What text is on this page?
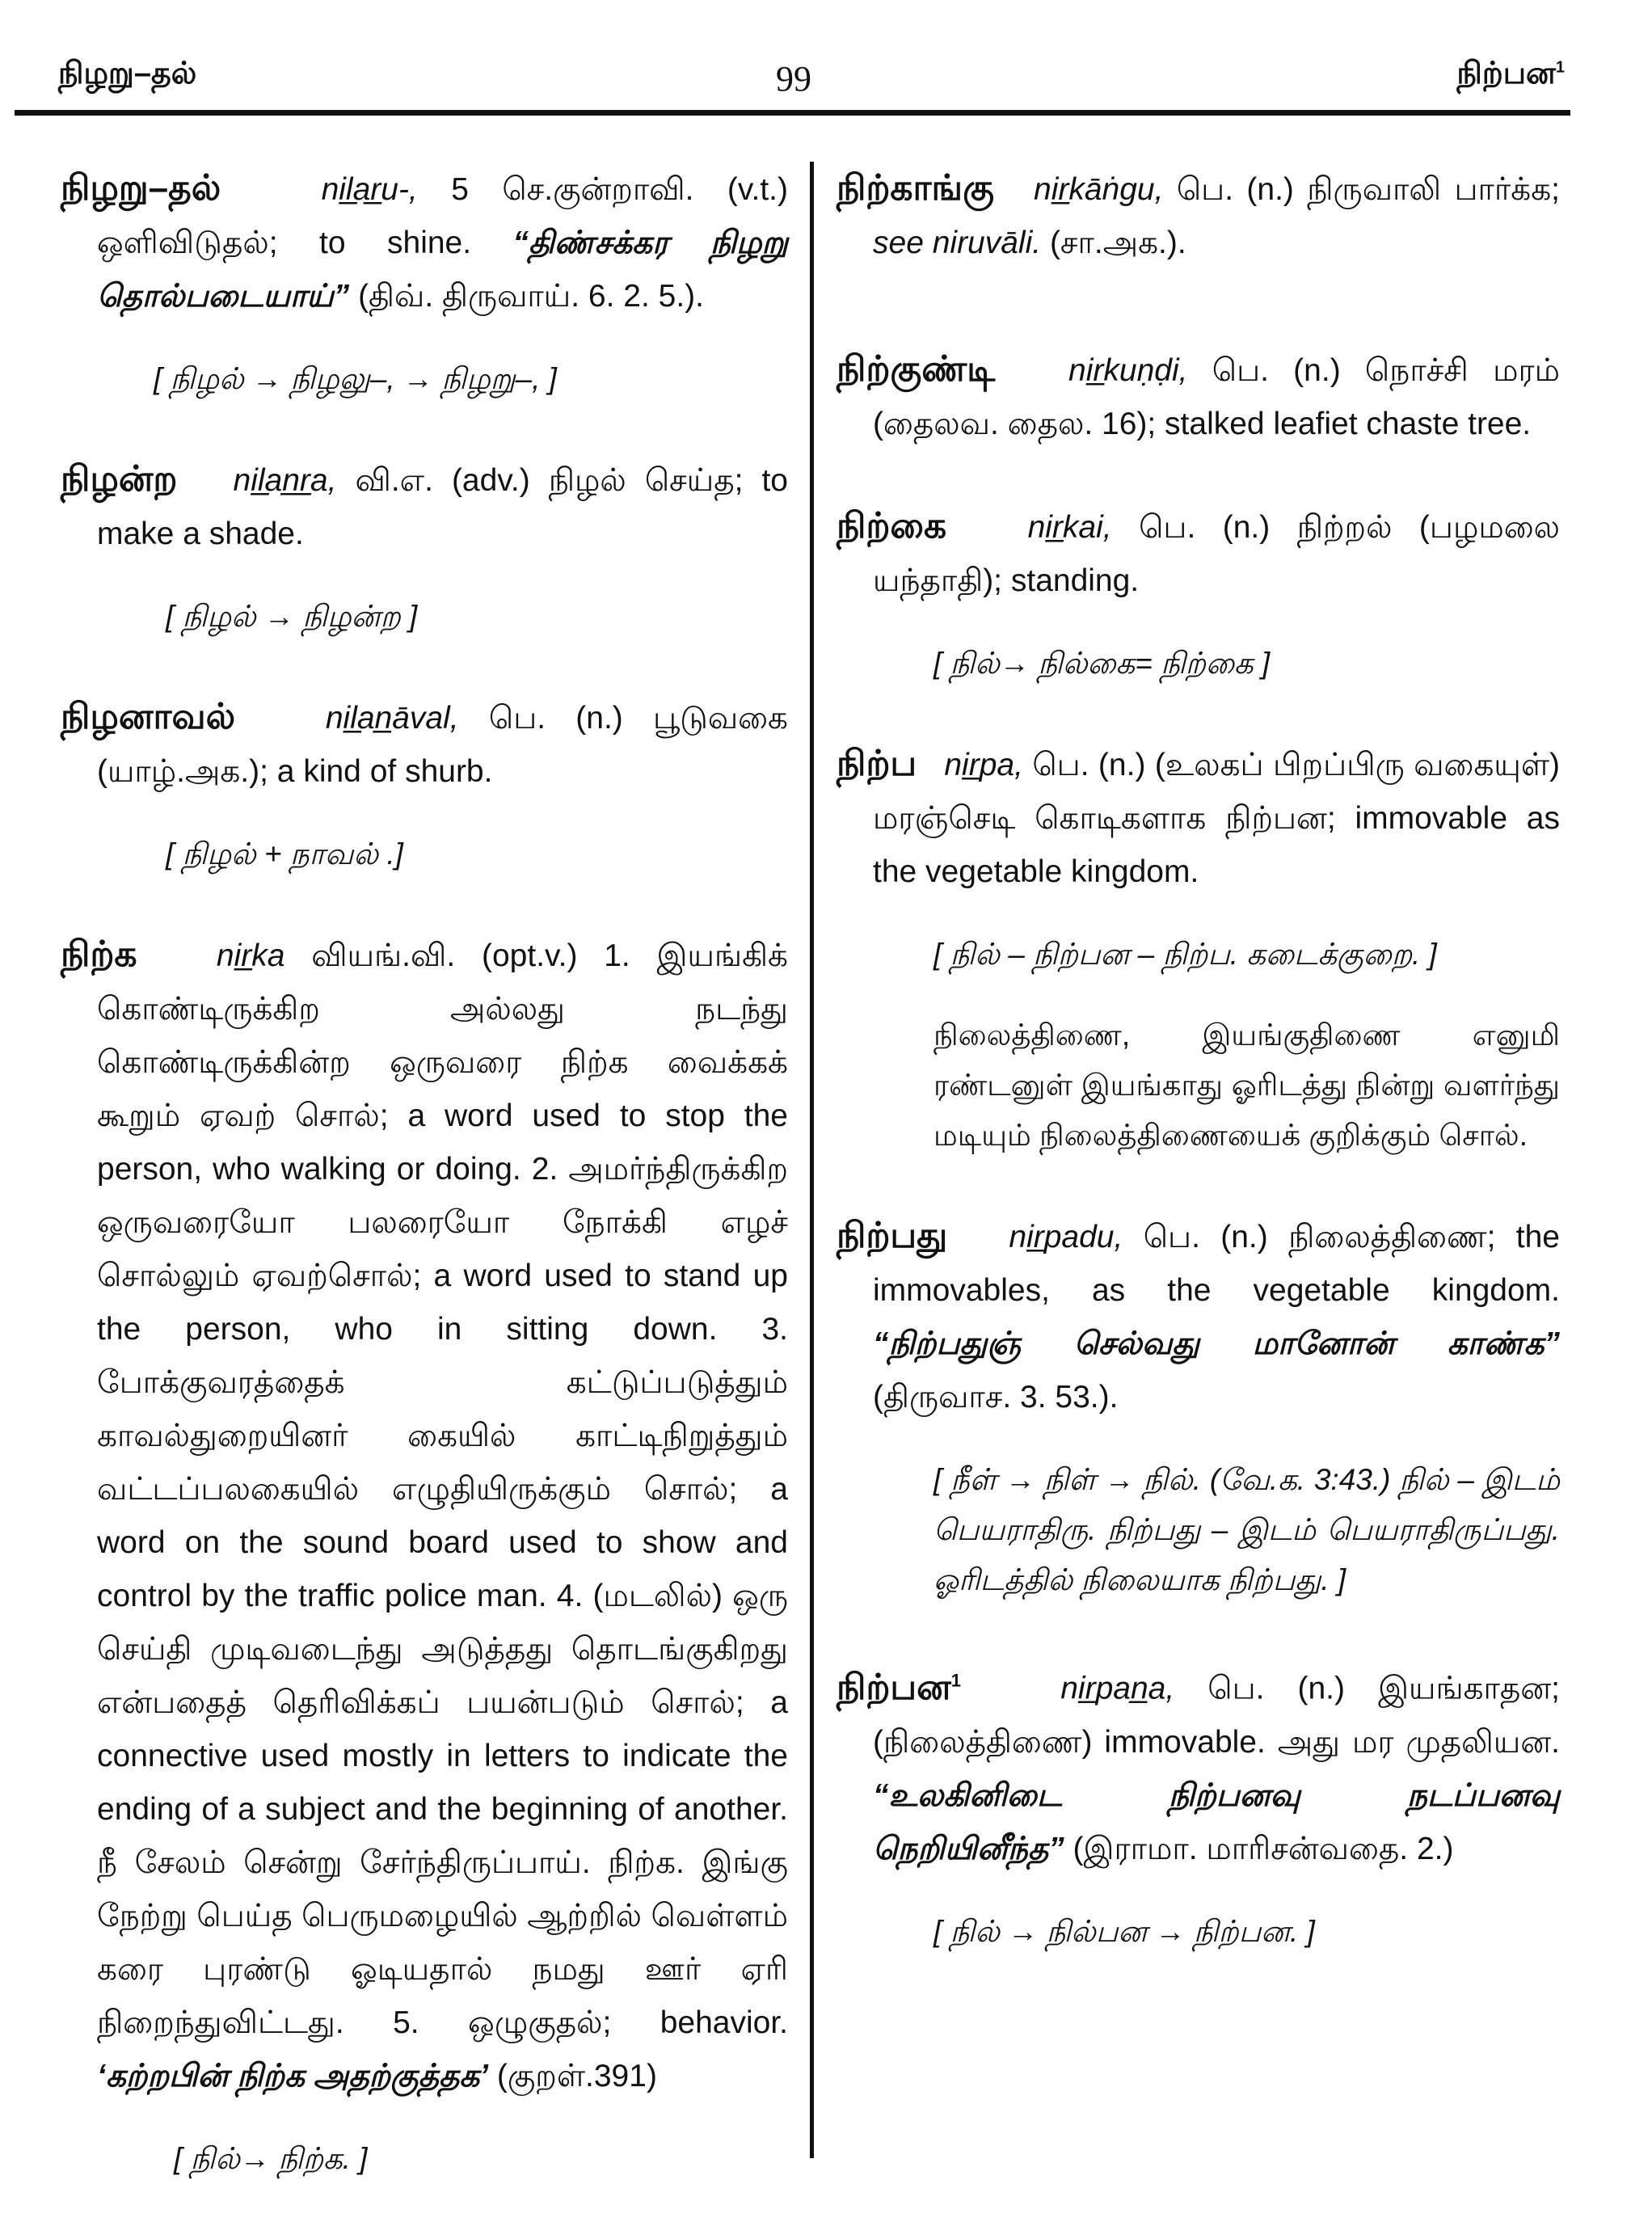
நிழறு–தல்	99	நிற்பன$^1$

நிழறு–தல்	nil̲ar̲u-, 5 செ.குன்றாவி. (v.t.) ஒளிவிடுதல்; to shine. “திண்சக்கர நிழறு தொல்படையாய்” (திவ். திருவாய். 6. 2. 5.).

[ நிழல் → நிழலு–, → நிழறு–, ]

நிழன்ற nil̲an̲r̲a, வி.எ. (adv.) நிழல் செய்த; to make a shade.

[ நிழல் → நிழன்ற ]

நிழனாவல்	nil̲an̲āval, பெ. (n.) பூடுவகை (யாழ்.அக.); a kind of shurb.

[ நிழல் + நாவல் .]

நிற்க	nir̲ka வியங்.வி. (opt.v.) 1. இயங்கிக் கொண்டிருக்கிற அல்லது நடந்து கொண்டிருக்கின்ற ஒருவரை நிற்க வைக்கக் கூறும் ஏவற் சொல்; a word used to stop the person, who walking or doing. 2. அமர்ந்திருக்கிற ஒருவரையோ பலரையோ நோக்கி எழச் சொல்லும் ஏவற்சொல்; a word used to stand up the person, who in sitting down. 3. போக்குவரத்தைக் கட்டுப்படுத்தும் காவல்துறையினர் கையில் காட்டிநிறுத்தும் வட்டப்பலகையில் எழுதியிருக்கும் சொல்; a word on the sound board used to show and control by the traffic police man. 4. (மடலில்) ஒரு செய்தி முடிவடைந்து அடுத்தது தொடங்குகிறது என்பதைத் தெரிவிக்கப் பயன்படும் சொல்; a connective used mostly in letters to indicate the ending of a subject and the beginning of another. நீ சேலம் சென்று சேர்ந்திருப்பாய். நிற்க. இங்கு நேற்று பெய்த பெருமழையில் ஆற்றில் வெள்ளம் கரை புரண்டு ஓடியதால் நமது ஊர் ஏரி நிறைந்துவிட்டது. 5. ஒழுகுதல்; behavior. ‘கற்றபின் நிற்க அதற்குத்தக’ (குறள்.391)

[ நில்→ நிற்க. ]

நிற்காங்கு nir̲kāṅgu, பெ. (n.) நிருவாலி பார்க்க; see niruvāli. (சா.அக.).

நிற்குண்டி nir̲kuṇḍi, பெ. (n.) நொச்சி மரம் (தைலவ. தைல. 16); stalked leafiet chaste tree.

நிற்கை	nir̲kai, பெ. (n.) நிற்றல் (பழமலை யந்தாதி); standing.

[ நில்→ நில்கை= நிற்கை ]

நிற்ப nir̲pa, பெ. (n.) (உலகப் பிறப்பிரு வகையுள்) மரஞ்செடி கொடிகளாக நிற்பன; immovable as the vegetable kingdom.

[ நில் – நிற்பன – நிற்ப. கடைக்குறை. ]

நிலைத்திணை, இயங்குதிணை எனுமி ரண்டனுள் இயங்காது ஓரிடத்து நின்று வளர்ந்து மடியும் நிலைத்திணையைக் குறிக்கும் சொல்.

நிற்பது nir̲padu, பெ. (n.) நிலைத்திணை; the immovables, as the vegetable kingdom. “நிற்பதுஞ் செல்வது மானோன் காண்க” (திருவாச. 3. 53.).

[ நீள் → நிள் → நில். (வே.க. 3:43.) நில் – இடம் பெயராதிரு. நிற்பது – இடம் பெயராதிருப்பது. ஓரிடத்தில் நிலையாக நிற்பது. ]

நிற்பன$^1$	nir̲pan̲a, பெ. (n.) இயங்காதன; (நிலைத்திணை) immovable. அது மர முதலியன. “உலகினிடை நிற்பனவு நடப்பனவு நெறியினீந்த” (இராமா. மாரிசன்வதை. 2.)

[ நில் → நில்பன → நிற்பன. ]
